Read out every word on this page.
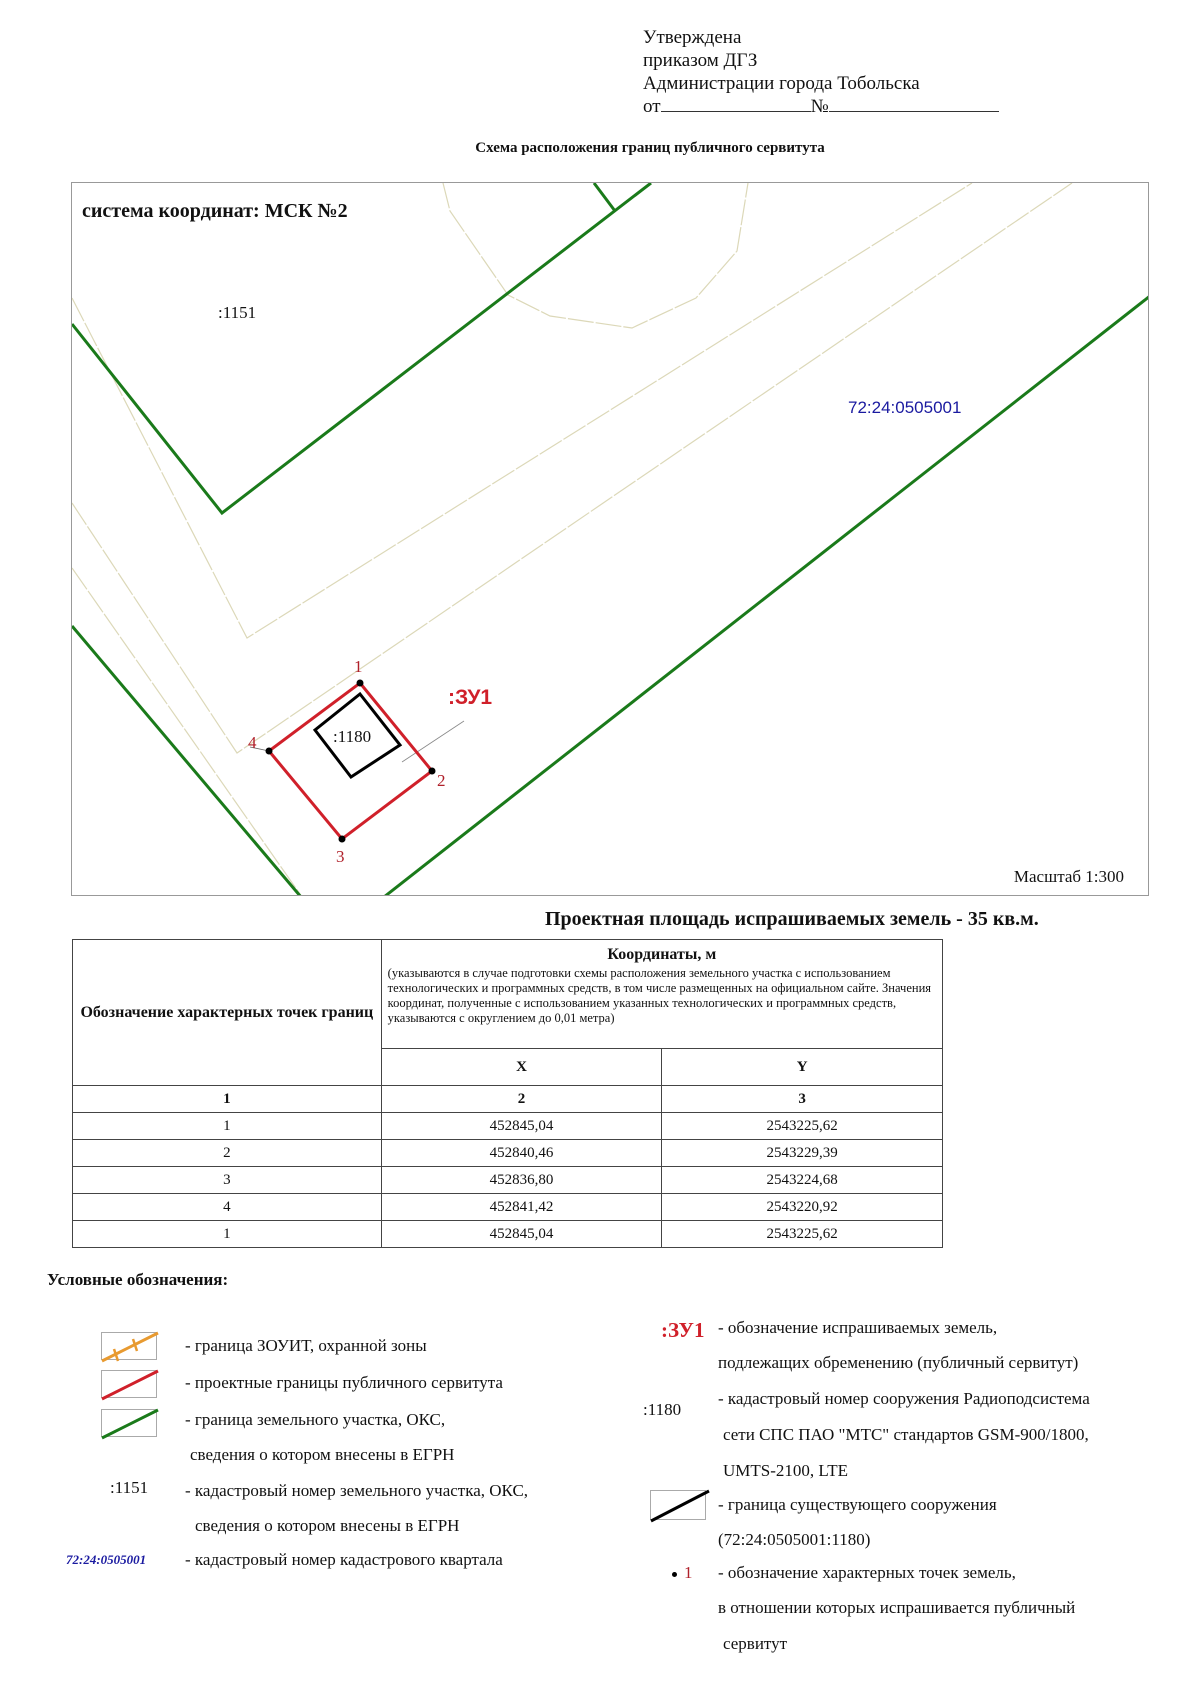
Утверждена
приказом ДГЗ
Администрации города Тобольска
от	№
Схема расположения границ публичного сервитута
система координат: МСК №2
:1151
72:24:0505001
:ЗУ1
:1180
1
2
3
4
Масштаб 1:300
Проектная площадь испрашиваемых земель - 35 кв.м.
Обозначение характерных точек границ	Координаты, м
(указываются в случае подготовки схемы расположения земельного участка с использованием технологических и программных средств, в том числе размещенных на официальном сайте. Значения координат, полученные с использованием указанных технологических и программных средств, указываются с округлением до 0,01 метра)	

	X	Y
1	2	3
1	452845,04	2543225,62
2	452840,46	2543229,39
3	452836,80	2543224,68
4	452841,42	2543220,92
1	452845,04	2543225,62
Условные обозначения:
- граница ЗОУИТ, охранной зоны
- проектные границы публичного сервитута
- граница земельного участка, ОКС,
сведения о котором внесены в ЕГРН
:1151 - кадастровый номер земельного участка, ОКС,
сведения о котором внесены в ЕГРН
72:24:0505001 - кадастровый номер кадастрового квартала
:ЗУ1 - обозначение испрашиваемых земель,
подлежащих обременению (публичный сервитут)
:1180
- кадастровый номер сооружения Радиоподсистема
сети СПС ПАО "МТС" стандартов GSM-900/1800,
UMTS-2100, LTE
- граница существующего сооружения
(72:24:0505001:1180)
1 - обозначение характерных точек земель,
в отношении которых испрашивается публичный
сервитут
